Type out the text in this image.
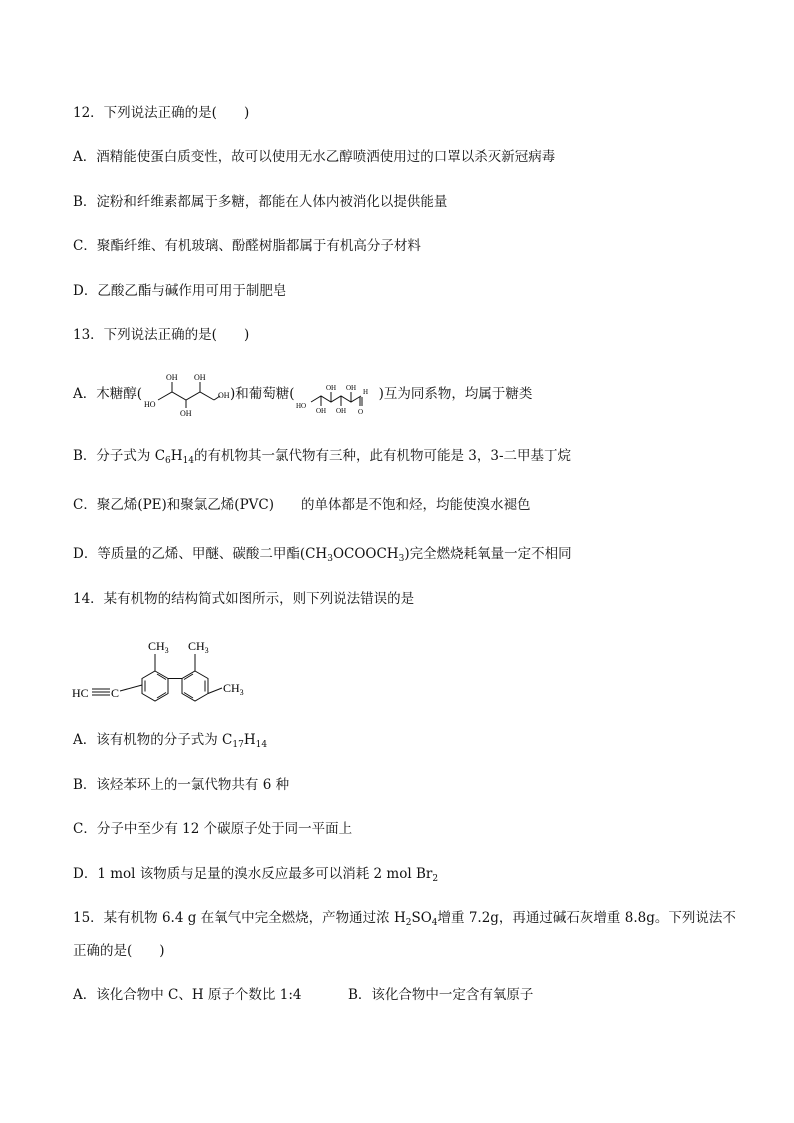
12．下列说法正确的是(　　)
A．酒精能使蛋白质变性，故可以使用无水乙醇喷洒使用过的口罩以杀灭新冠病毒
B．淀粉和纤维素都属于多糖，都能在人体内被消化以提供能量
C．聚酯纤维、有机玻璃、酚醛树脂都属于有机高分子材料
D．乙酸乙酯与碱作用可用于制肥皂
13．下列说法正确的是(　　)
A．木糖醇(
HO
OH
OH
OH
OH )和葡萄糖(
HO
OH OH
OH OH O
H )互为同系物，均属于糖类
B．分子式为 $C_6H_{14}$的有机物其一氯代物有三种，此有机物可能是 3，3-二甲基丁烷
C．聚乙烯(PE)和聚氯乙烯(PVC)　　的单体都是不饱和烃，均能使溴水褪色
D．等质量的乙烯、甲醚、碳酸二甲酯$(CH_3OCOOCH_3)$完全燃烧耗氧量一定不相同
14．某有机物的结构简式如图所示，则下列说法错误的是
$CH_3$ $CH_3$
$CH_3$
HC C
A．该有机物的分子式为 $C_{17}H_{14}$
B．该烃苯环上的一氯代物共有 6 种
C．分子中至少有 12 个碳原子处于同一平面上
D．1 mol 该物质与足量的溴水反应最多可以消耗 2 mol $Br_2$
15．某有机物 6.4 g 在氧气中完全燃烧，产物通过浓 $H_2SO_4$增重 7.2g，再通过碱石灰增重 8.8g。下列说法不
正确的是(　　)
A．该化合物中 C、H 原子个数比 1:4	B．该化合物中一定含有氧原子
